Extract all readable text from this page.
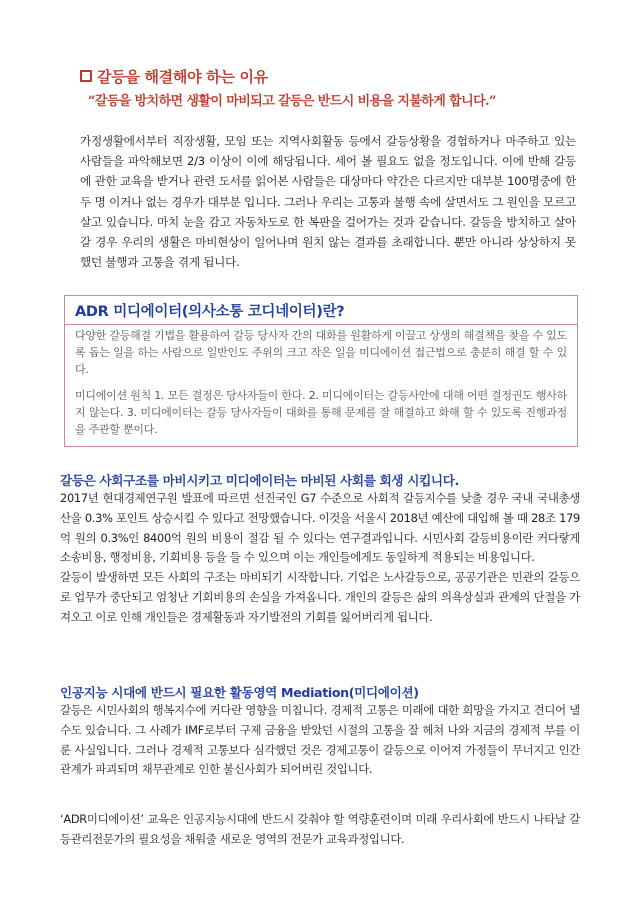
갈등을 해결해야 하는 이유
“갈등을 방치하면 생활이 마비되고 갈등은 반드시 비용을 지불하게 합니다.”
가정생활에서부터 직장생활, 모임 또는 지역사회활동 등에서 갈등상황을 경험하거나 마주하고 있는 사람들을 파악해보면 2/3 이상이 이에 해당됩니다. 세어 볼 필요도 없을 정도입니다. 이에 반해 갈등에 관한 교육을 받거나 관련 도서를 읽어본 사람들은 대상마다 약간은 다르지만 대부분 100명중에 한두 명 이거나 없는 경우가 대부분 입니다. 그러나 우리는 고통과 불행 속에 살면서도 그 원인을 모르고 살고 있습니다. 마치 눈을 감고 자동차도로 한 복판을 걸어가는 것과 같습니다. 갈등을 방치하고 살아 갈 경우 우리의 생활은 마비현상이 일어나며 원치 않는 결과를 초래합니다. 뿐만 아니라 상상하지 못했던 불행과 고통을 겪게 됩니다.
ADR 미디에이터(의사소통 코디네이터)란?

다양한 갈등해결 기법을 활용하여 갈등 당사자 간의 대화를 원활하게 이끌고 상생의 해결책을 찾을 수 있도록 돕는 일을 하는 사람으로 일반인도 주위의 크고 작은 일을 미디에이션 접근법으로 충분히 해결 할 수 있다.

미디에이션 원칙 1. 모든 결정은 당사자들이 한다. 2. 미디에이터는 갈등사안에 대해 어떤 결정권도 행사하지 않는다. 3. 미디에이터는 갈등 당사자들이 대화를 통해 문제를 잘 해결하고 화해 할 수 있도록 진행과정을 주관할 뿐이다.

갈등은 사회구조를 마비시키고 미디에이터는 마비된 사회를 회생 시킵니다.

2017년 현대경제연구원 발표에 따르면 선진국인 G7 수준으로 사회적 갈등지수를 낮출 경우 국내 국내총생산을 0.3% 포인트 상승시킬 수 있다고 전망했습니다. 이것을 서울시 2018년 예산에 대입해 볼 때 28조 179억 원의 0.3%인 8400억 원의 비용이 절감 될 수 있다는 연구결과입니다. 시민사회 갈등비용이란 커다랗게 소송비용, 행정비용, 기회비용 등을 들 수 있으며 이는 개인들에게도 동일하게 적용되는 비용입니다.

갈등이 발생하면 모든 사회의 구조는 마비되기 시작합니다. 기업은 노사갈등으로, 공공기관은 민관의 갈등으로 업무가 중단되고 엄청난 기회비용의 손실을 가져옵니다. 개인의 갈등은 삶의 의욕상실과 관계의 단절을 가져오고 이로 인해 개인들은 경제활동과 자기발전의 기회를 잃어버리게 됩니다.

인공지능 시대에 반드시 필요한 활동영역 Mediation(미디에이션)

갈등은 시민사회의 행복지수에 커다란 영향을 미칩니다. 경제적 고통은 미래에 대한 희망을 가지고 견디어 낼 수도 있습니다. 그 사례가 IMF로부터 구제 금융을 받았던 시절의 고통을 잘 헤쳐 나와 지금의 경제적 부를 이룬 사실입니다. 그러나 경제적 고통보다 심각했던 것은 경제고통이 갈등으로 이어져 가정들이 무너지고 인간관계가 파괴되며 채무관계로 인한 불신사회가 되어버린 것입니다.

‘ADR미디에이션’ 교육은 인공지능시대에 반드시 갖춰야 할 역량훈련이며 미래 우리사회에 반드시 나타날 갈등관리전문가의 필요성을 채워줄 새로운 영역의 전문가 교육과정입니다.
